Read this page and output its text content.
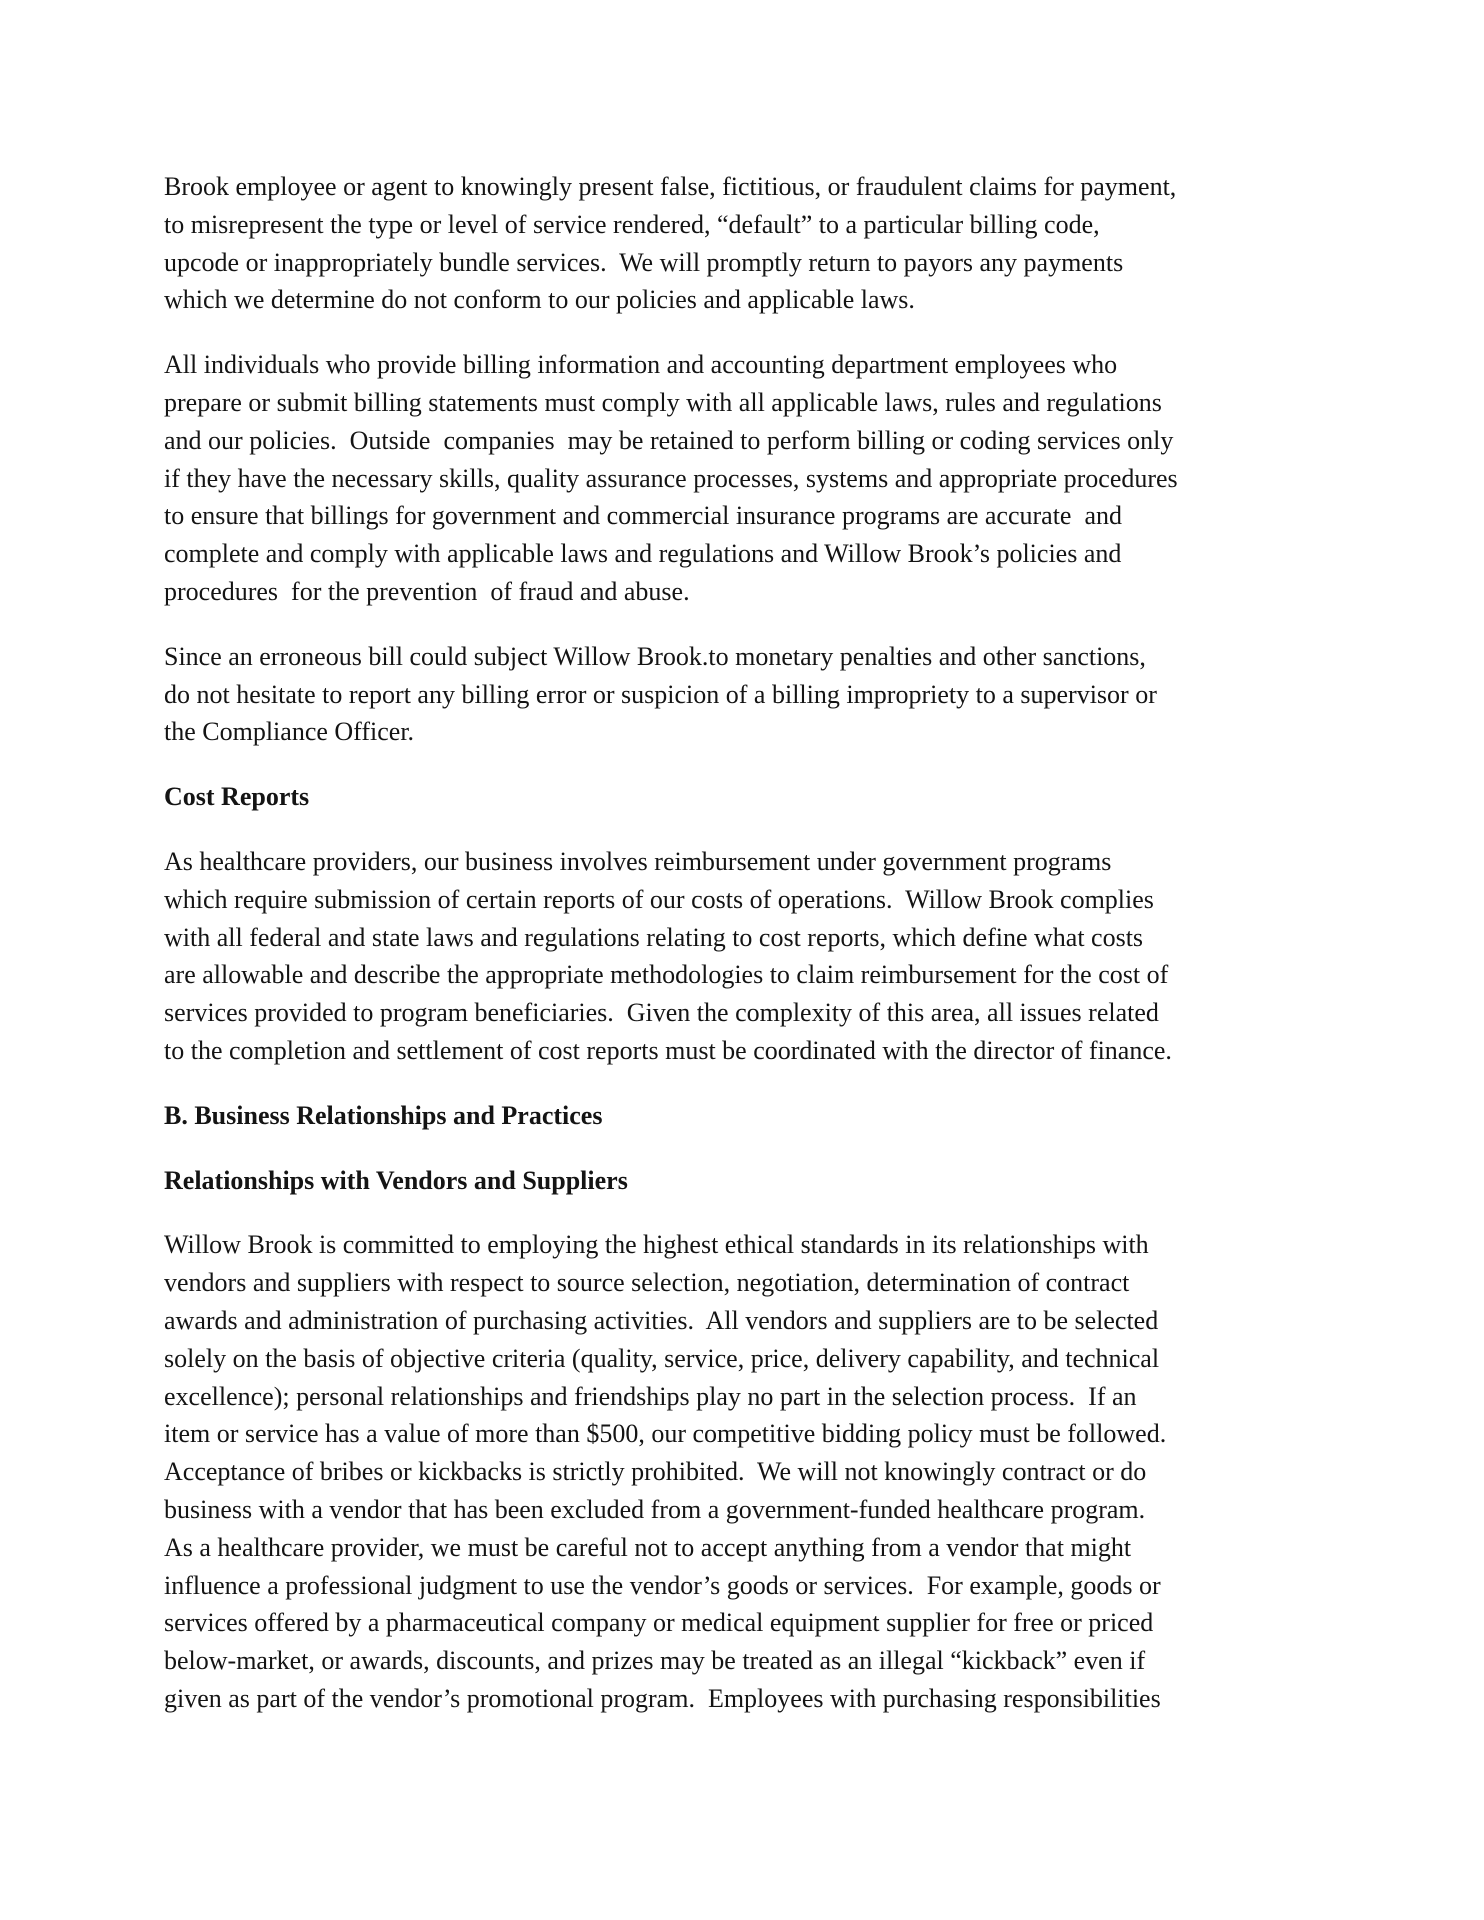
Brook employee or agent to knowingly present false, fictitious, or fraudulent claims for payment,
to misrepresent the type or level of service rendered, “default” to a particular billing code,
upcode or inappropriately bundle services.  We will promptly return to payors any payments
which we determine do not conform to our policies and applicable laws.

All individuals who provide billing information and accounting department employees who
prepare or submit billing statements must comply with all applicable laws, rules and regulations
and our policies.  Outside  companies  may be retained to perform billing or coding services only
if they have the necessary skills, quality assurance processes, systems and appropriate procedures
to ensure that billings for government and commercial insurance programs are accurate  and
complete and comply with applicable laws and regulations and Willow Brook’s policies and
procedures  for the prevention  of fraud and abuse.

Since an erroneous bill could subject Willow Brook.to monetary penalties and other sanctions,
do not hesitate to report any billing error or suspicion of a billing impropriety to a supervisor or
the Compliance Officer.

Cost Reports

As healthcare providers, our business involves reimbursement under government programs
which require submission of certain reports of our costs of operations.  Willow Brook complies
with all federal and state laws and regulations relating to cost reports, which define what costs
are allowable and describe the appropriate methodologies to claim reimbursement for the cost of
services provided to program beneficiaries.  Given the complexity of this area, all issues related
to the completion and settlement of cost reports must be coordinated with the director of finance.

B. Business Relationships and Practices
Relationships with Vendors and Suppliers

Willow Brook is committed to employing the highest ethical standards in its relationships with
vendors and suppliers with respect to source selection, negotiation, determination of contract
awards and administration of purchasing activities.  All vendors and suppliers are to be selected
solely on the basis of objective criteria (quality, service, price, delivery capability, and technical
excellence); personal relationships and friendships play no part in the selection process.  If an
item or service has a value of more than $500, our competitive bidding policy must be followed.
Acceptance of bribes or kickbacks is strictly prohibited.  We will not knowingly contract or do
business with a vendor that has been excluded from a government-funded healthcare program.
As a healthcare provider, we must be careful not to accept anything from a vendor that might
influence a professional judgment to use the vendor’s goods or services.  For example, goods or
services offered by a pharmaceutical company or medical equipment supplier for free or priced
below-market, or awards, discounts, and prizes may be treated as an illegal “kickback” even if
given as part of the vendor’s promotional program.  Employees with purchasing responsibilities
